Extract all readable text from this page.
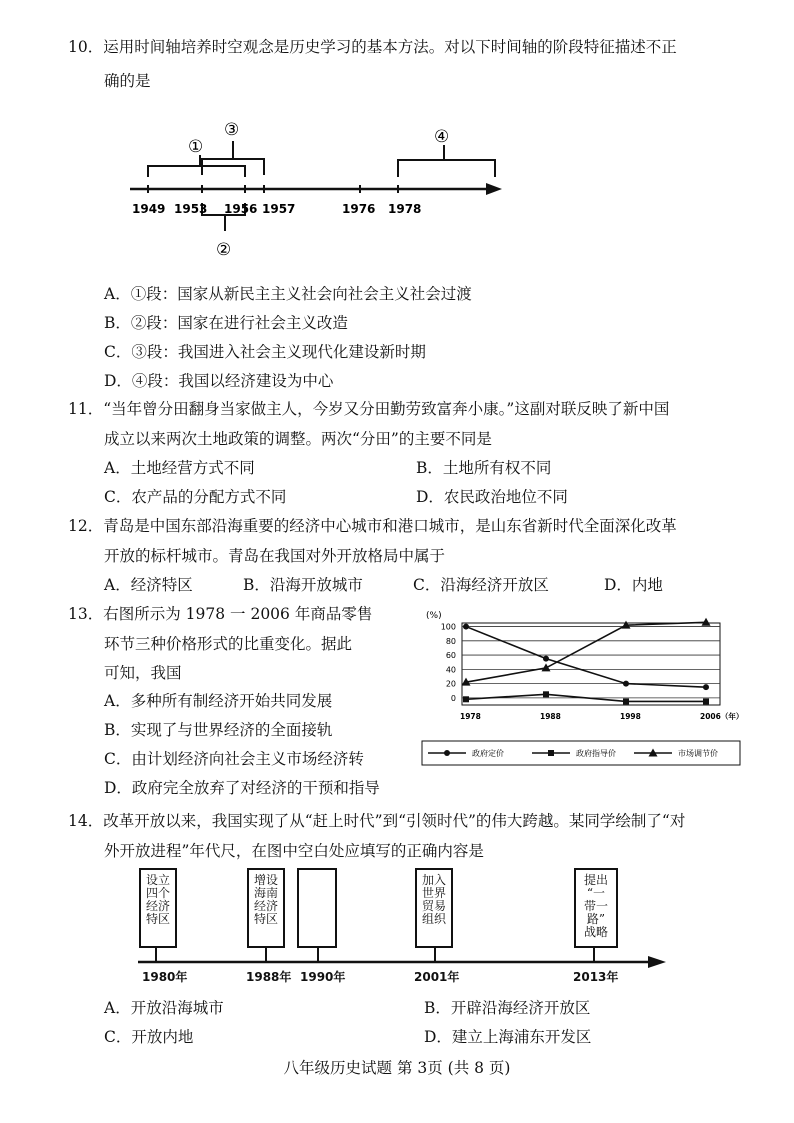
10．运用时间轴培养时空观念是历史学习的基本方法。对以下时间轴的阶段特征描述不正
确的是
①
③
②
④
1949 1953 1956 1957	1976 1978
A．①段：国家从新民主主义社会向社会主义社会过渡
B．②段：国家在进行社会主义改造
C．③段：我国进入社会主义现代化建设新时期
D．④段：我国以经济建设为中心
11．“当年曾分田翻身当家做主人，今岁又分田勤劳致富奔小康。”这副对联反映了新中国
成立以来两次土地政策的调整。两次“分田”的主要不同是
A．土地经营方式不同	B．土地所有权不同
C．农产品的分配方式不同	D．农民政治地位不同
12．青岛是中国东部沿海重要的经济中心城市和港口城市，是山东省新时代全面深化改革
开放的标杆城市。青岛在我国对外开放格局中属于
A．经济特区	B．沿海开放城市	C．沿海经济开放区	D．内地
13．右图所示为 1978 一 2006 年商品零售
环节三种价格形式的比重变化。据此
可知，我国
A．多种所有制经济开始共同发展
B．实现了与世界经济的全面接轨
C．由计划经济向社会主义市场经济转
D．政府完全放弃了对经济的干预和指导
(%)
100
80
60
40
20
0
1978	1988	1998	2006（年）
政府定价	政府指导价	市场调节价
14．改革开放以来，我国实现了从“赶上时代”到“引领时代”的伟大跨越。某同学绘制了“对
外开放进程”年代尺，在图中空白处应填写的正确内容是
设立
四个
经济
特区
增设
海南
经济
特区
加入
世界
贸易
组织
提出
“一
带一
路”
战略
1980年	1988年 1990年	2001年	2013年
A．开放沿海城市	B．开辟沿海经济开放区
C．开放内地	D．建立上海浦东开发区
八年级历史试题 第 3页 (共 8 页)
